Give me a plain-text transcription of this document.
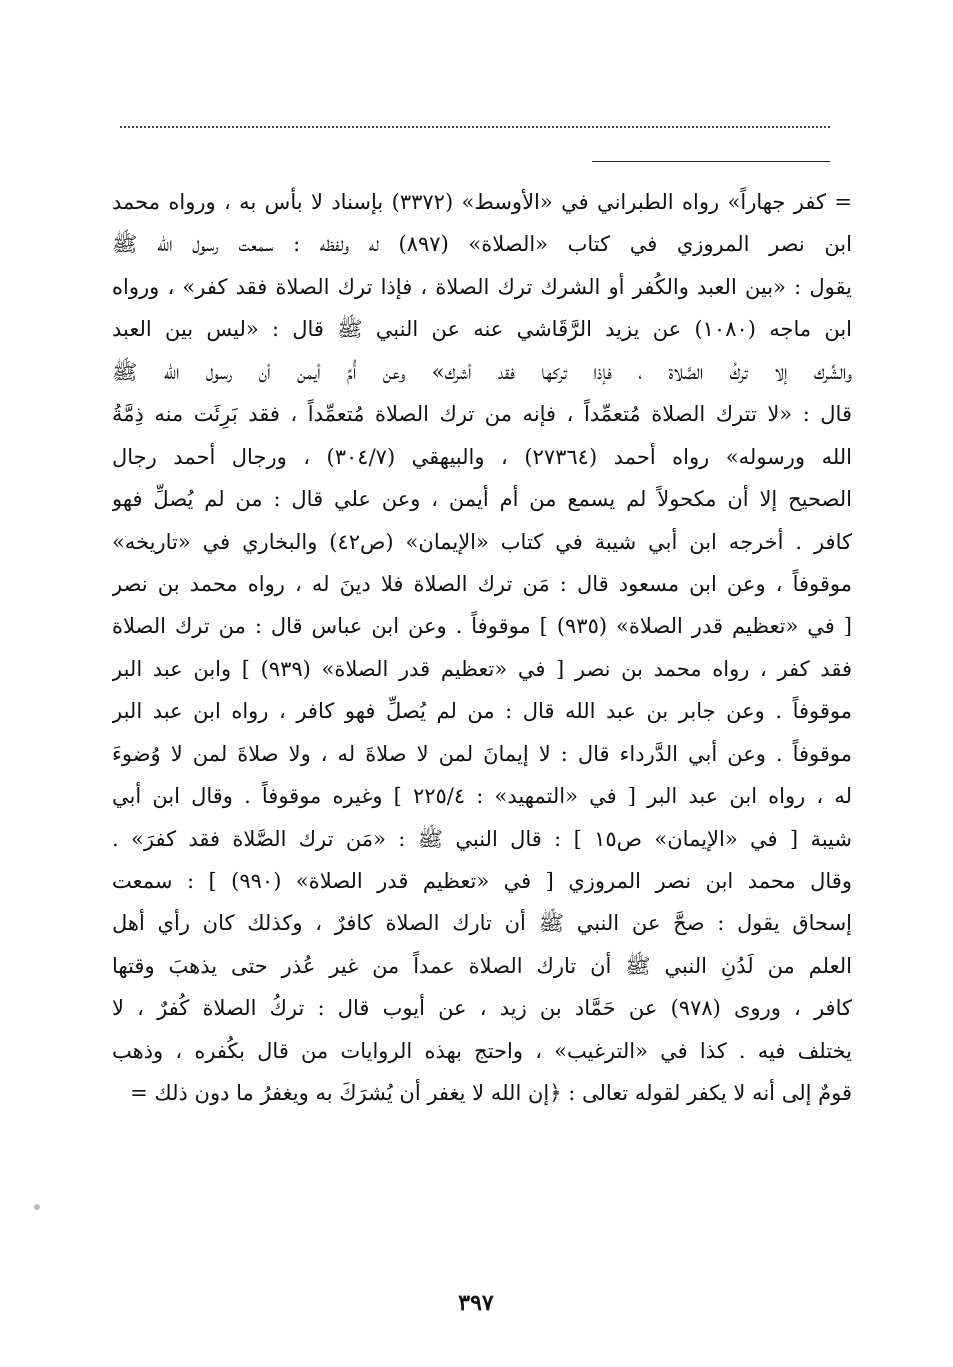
= كفر جهاراً» رواه الطبراني في «الأوسط» (٣٣٧٢) بإسناد لا بأس به ، ورواه محمد
ابن نصر المروزي في كتاب «الصلاة» (٨٩٧) له ولفظه : سمعت رسول الله ﷺ
يقول : «بين العبد والكُفر أو الشرك ترك الصلاة ، فإذا ترك الصلاة فقد كفر» ، ورواه
ابن ماجه (١٠٨٠) عن يزيد الرَّقَاشي عنه عن النبي ﷺ قال : «ليس بين العبد
والشِّرك إلا تركُ الصَّلاة ، فإذا تركها فقد أشرك» وعن أُمِّ أيمن أن رسول الله ﷺ
قال : «لا تترك الصلاة مُتعمِّداً ، فإنه من ترك الصلاة مُتعمِّداً ، فقد بَرِئَت منه ذِمَّةُ
الله ورسوله» رواه أحمد (٢٧٣٦٤) ، والبيهقي (٣٠٤/٧) ، ورجال أحمد رجال
الصحيح إلا أن مكحولاً لم يسمع من أم أيمن ، وعن علي قال : من لم يُصلِّ فهو
كافر . أخرجه ابن أبي شيبة في كتاب «الإيمان» (ص٤٢) والبخاري في «تاريخه»
موقوفاً ، وعن ابن مسعود قال : مَن ترك الصلاة فلا دينَ له ، رواه محمد بن نصر
[ في «تعظيم قدر الصلاة» (٩٣٥) ] موقوفاً . وعن ابن عباس قال : من ترك الصلاة
فقد كفر ، رواه محمد بن نصر [ في «تعظيم قدر الصلاة» (٩٣٩) ] وابن عبد البر
موقوفاً . وعن جابر بن عبد الله قال : من لم يُصلِّ فهو كافر ، رواه ابن عبد البر
موقوفاً . وعن أبي الدَّرداء قال : لا إيمانَ لمن لا صلاةَ له ، ولا صلاةَ لمن لا وُضوءَ
له ، رواه ابن عبد البر [ في «التمهيد» : ٢٢٥/٤ ] وغيره موقوفاً . وقال ابن أبي
شيبة [ في «الإيمان» ص١٥ ] : قال النبي ﷺ : «مَن ترك الصَّلاة فقد كفرَ» .
وقال محمد ابن نصر المروزي [ في «تعظيم قدر الصلاة» (٩٩٠) ] : سمعت
إسحاق يقول : صحَّ عن النبي ﷺ أن تارك الصلاة كافرٌ ، وكذلك كان رأي أهل
العلم من لَدُنِ النبي ﷺ أن تارك الصلاة عمداً من غير عُذر حتى يذهبَ وقتها
كافر ، وروى (٩٧٨) عن حَمَّاد بن زيد ، عن أيوب قال : تركُ الصلاة كُفرٌ ، لا
يختلف فيه . كذا في «الترغيب» ، واحتج بهذه الروايات من قال بكُفره ، وذهب
قومٌ إلى أنه لا يكفر لقوله تعالى : ﴿إن الله لا يغفر أن يُشرَكَ به ويغفرُ ما دون ذلك =
٣٩٧
